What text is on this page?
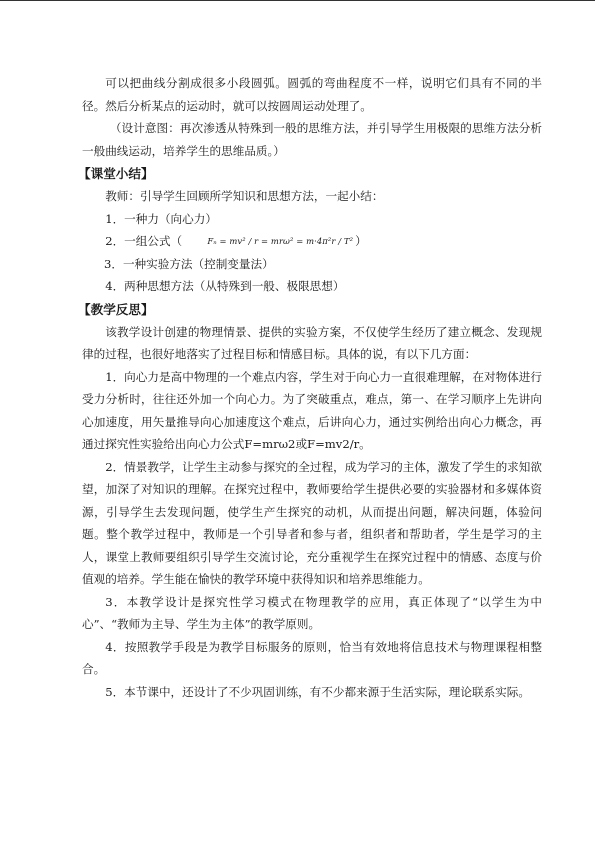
可以把曲线分割成很多小段圆弧。圆弧的弯曲程度不一样，说明它们具有不同的半径。然后分析某点的运动时，就可以按圆周运动处理了。

（设计意图：再次渗透从特殊到一般的思维方法，并引导学生用极限的思维方法分析一般曲线运动，培养学生的思维品质。）

【课堂小结】

教师：引导学生回顾所学知识和思想方法，一起小结：

1．一种力（向心力）

2．一组公式（	Fₙ = mv² / r = mrω² = m·4π²r / T² ）

3．一种实验方法（控制变量法）

4．两种思想方法（从特殊到一般、极限思想）

【教学反思】

该教学设计创建的物理情景、提供的实验方案，不仅使学生经历了建立概念、发现规律的过程，也很好地落实了过程目标和情感目标。具体的说，有以下几方面：

1．向心力是高中物理的一个难点内容，学生对于向心力一直很难理解，在对物体进行受力分析时，往往还外加一个向心力。为了突破重点，难点，第一、在学习顺序上先讲向心加速度，用矢量推导向心加速度这个难点，后讲向心力，通过实例给出向心力概念，再通过探究性实验给出向心力公式F=mrω2或F=mv2/r。

2．情景教学，让学生主动参与探究的全过程，成为学习的主体，激发了学生的求知欲望，加深了对知识的理解。在探究过程中，教师要给学生提供必要的实验器材和多媒体资源，引导学生去发现问题，使学生产生探究的动机，从而提出问题，解决问题，体验问题。整个教学过程中，教师是一个引导者和参与者，组织者和帮助者，学生是学习的主人，课堂上教师要组织引导学生交流讨论，充分重视学生在探究过程中的情感、态度与价值观的培养。学生能在愉快的教学环境中获得知识和培养思维能力。

3．本教学设计是探究性学习模式在物理教学的应用，真正体现了“以学生为中心”、“教师为主导、学生为主体”的教学原则。

4．按照教学手段是为教学目标服务的原则，恰当有效地将信息技术与物理课程相整合。

5．本节课中，还设计了不少巩固训练，有不少都来源于生活实际，理论联系实际。
